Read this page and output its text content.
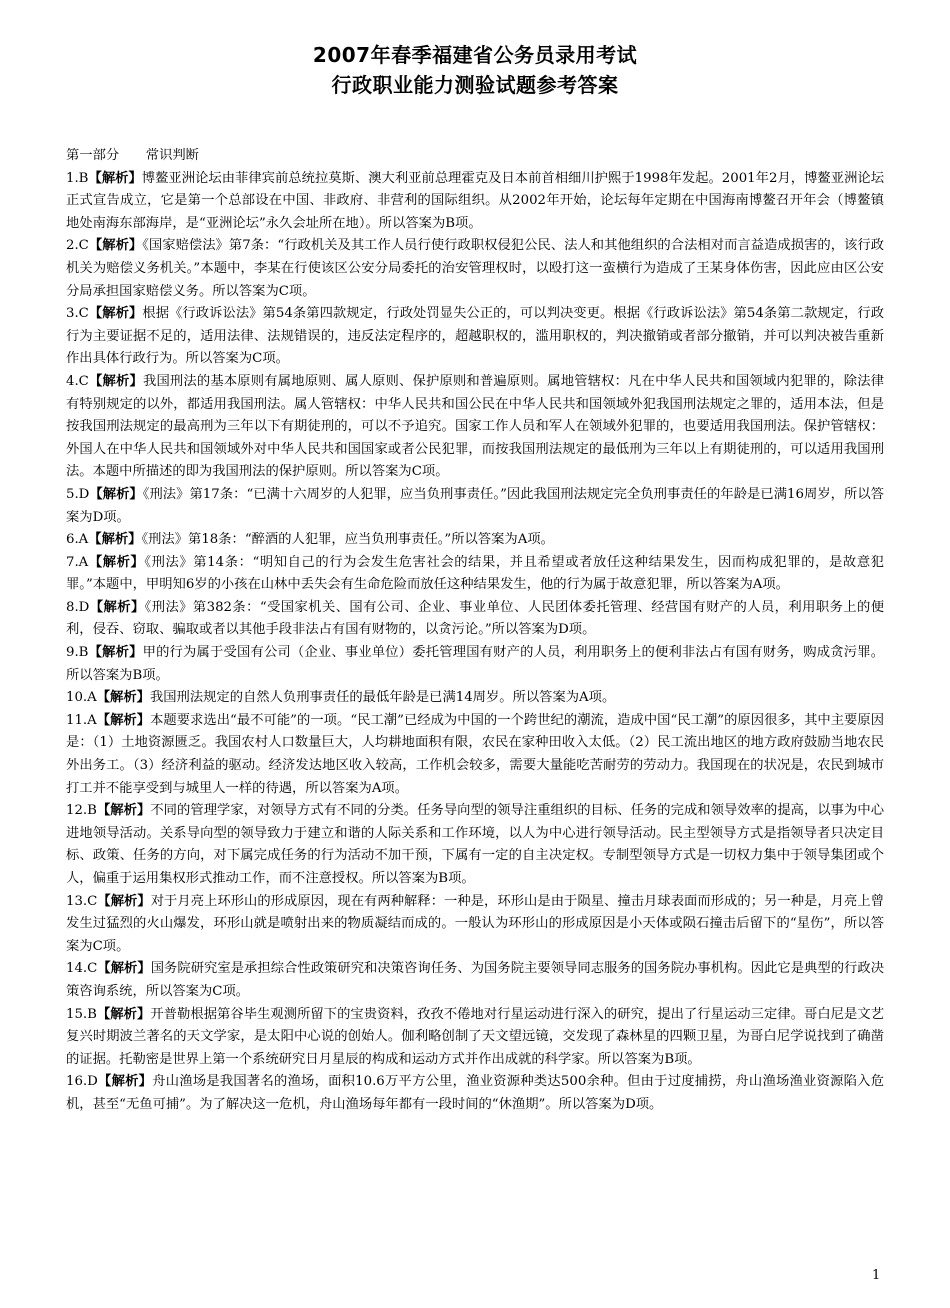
2007年春季福建省公务员录用考试
行政职业能力测验试题参考答案
第一部分　　常识判断

1.B【解析】博鳌亚洲论坛由菲律宾前总统拉莫斯、澳大利亚前总理霍克及日本前首相细川护熙于1998年发起。2001年2月，博鳌亚洲论坛正式宣告成立，它是第一个总部设在中国、非政府、非营利的国际组织。从2002年开始，论坛每年定期在中国海南博鳌召开年会（博鳌镇地处南海东部海岸，是“亚洲论坛”永久会址所在地）。所以答案为B项。

2.C【解析】《国家赔偿法》第7条：“行政机关及其工作人员行使行政职权侵犯公民、法人和其他组织的合法相对而言益造成损害的，该行政机关为赔偿义务机关。”本题中，李某在行使该区公安分局委托的治安管理权时，以殴打这一蛮横行为造成了王某身体伤害，因此应由区公安分局承担国家赔偿义务。所以答案为C项。

3.C【解析】根据《行政诉讼法》第54条第四款规定，行政处罚显失公正的，可以判决变更。根据《行政诉讼法》第54条第二款规定，行政行为主要证据不足的，适用法律、法规错误的，违反法定程序的，超越职权的，滥用职权的，判决撤销或者部分撤销，并可以判决被告重新作出具体行政行为。所以答案为C项。

4.C【解析】我国刑法的基本原则有属地原则、属人原则、保护原则和普遍原则。属地管辖权：凡在中华人民共和国领域内犯罪的，除法律有特别规定的以外，都适用我国刑法。属人管辖权：中华人民共和国公民在中华人民共和国领域外犯我国刑法规定之罪的，适用本法，但是按我国刑法规定的最高刑为三年以下有期徒刑的，可以不予追究。国家工作人员和军人在领域外犯罪的，也要适用我国刑法。保护管辖权：外国人在中华人民共和国领域外对中华人民共和国国家或者公民犯罪，而按我国刑法规定的最低刑为三年以上有期徒刑的，可以适用我国刑法。本题中所描述的即为我国刑法的保护原则。所以答案为C项。

5.D【解析】《刑法》第17条：“已满十六周岁的人犯罪，应当负刑事责任。”因此我国刑法规定完全负刑事责任的年龄是已满16周岁，所以答案为D项。

6.A【解析】《刑法》第18条：“醉酒的人犯罪，应当负刑事责任。”所以答案为A项。

7.A【解析】《刑法》第14条：“明知自己的行为会发生危害社会的结果，并且希望或者放任这种结果发生，因而构成犯罪的，是故意犯罪。”本题中，甲明知6岁的小孩在山林中丢失会有生命危险而放任这种结果发生，他的行为属于故意犯罪，所以答案为A项。

8.D【解析】《刑法》第382条：“受国家机关、国有公司、企业、事业单位、人民团体委托管理、经营国有财产的人员，利用职务上的便利，侵吞、窃取、骗取或者以其他手段非法占有国有财物的，以贪污论。”所以答案为D项。

9.B【解析】甲的行为属于受国有公司（企业、事业单位）委托管理国有财产的人员，利用职务上的便利非法占有国有财务，购成贪污罪。所以答案为B项。

10.A【解析】我国刑法规定的自然人负刑事责任的最低年龄是已满14周岁。所以答案为A项。

11.A【解析】本题要求选出“最不可能”的一项。“民工潮”已经成为中国的一个跨世纪的潮流，造成中国“民工潮”的原因很多，其中主要原因是：（1）土地资源匮乏。我国农村人口数量巨大，人均耕地面积有限，农民在家种田收入太低。（2）民工流出地区的地方政府鼓励当地农民外出务工。（3）经济利益的驱动。经济发达地区收入较高，工作机会较多，需要大量能吃苦耐劳的劳动力。我国现在的状况是，农民到城市打工并不能享受到与城里人一样的待遇，所以答案为A项。

12.B【解析】不同的管理学家，对领导方式有不同的分类。任务导向型的领导注重组织的目标、任务的完成和领导效率的提高，以事为中心进地领导活动。关系导向型的领导致力于建立和谐的人际关系和工作环境，以人为中心进行领导活动。民主型领导方式是指领导者只决定目标、政策、任务的方向，对下属完成任务的行为活动不加干预，下属有一定的自主决定权。专制型领导方式是一切权力集中于领导集团或个人，偏重于运用集权形式推动工作，而不注意授权。所以答案为B项。

13.C【解析】对于月亮上环形山的形成原因，现在有两种解释：一种是，环形山是由于陨星、撞击月球表面而形成的；另一种是，月亮上曾发生过猛烈的火山爆发，环形山就是喷射出来的物质凝结而成的。一般认为环形山的形成原因是小天体或陨石撞击后留下的“星伤”，所以答案为C项。

14.C【解析】国务院研究室是承担综合性政策研究和决策咨询任务、为国务院主要领导同志服务的国务院办事机构。因此它是典型的行政决策咨询系统，所以答案为C项。

15.B【解析】开普勒根据第谷毕生观测所留下的宝贵资料，孜孜不倦地对行星运动进行深入的研究，提出了行星运动三定律。哥白尼是文艺复兴时期波兰著名的天文学家，是太阳中心说的创始人。伽利略创制了天文望远镜，交发现了森林星的四颗卫星，为哥白尼学说找到了确凿的证据。托勒密是世界上第一个系统研究日月星辰的构成和运动方式并作出成就的科学家。所以答案为B项。

16.D【解析】舟山渔场是我国著名的渔场，面积10.6万平方公里，渔业资源种类达500余种。但由于过度捕捞，舟山渔场渔业资源陷入危机，甚至“无鱼可捕”。为了解决这一危机，舟山渔场每年都有一段时间的“休渔期”。所以答案为D项。

1
